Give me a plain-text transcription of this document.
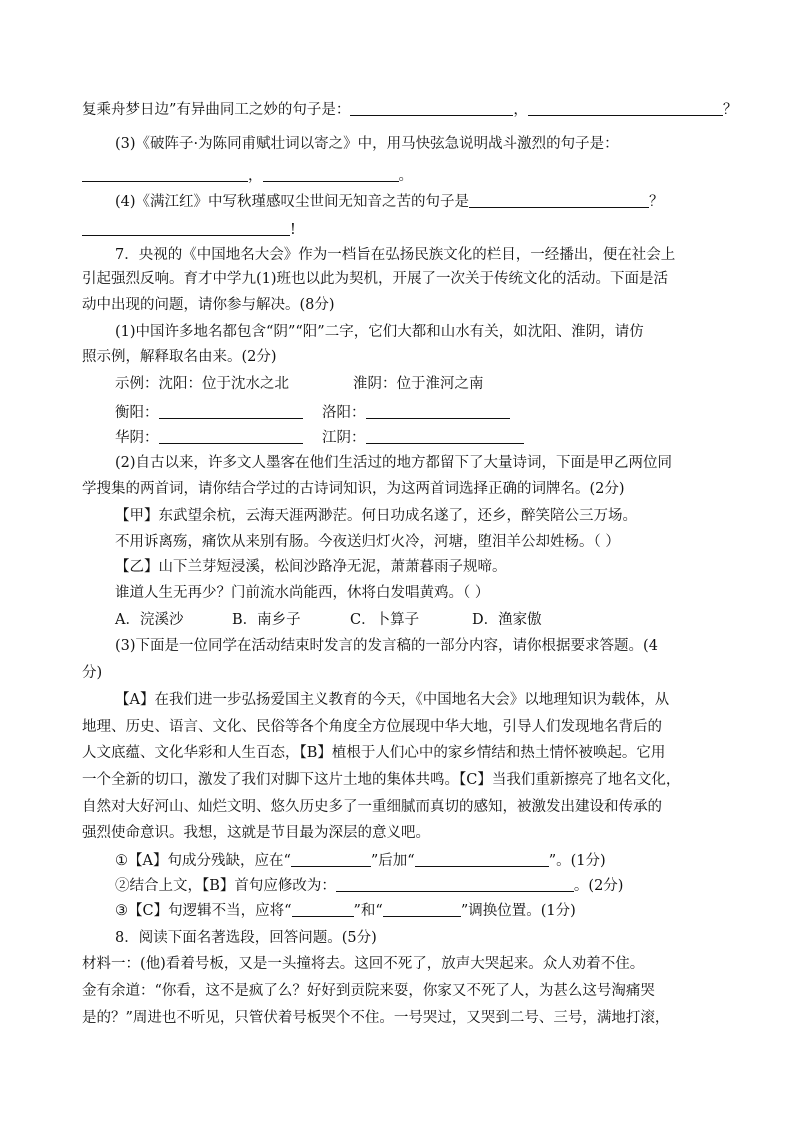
复乘舟梦日边”有异曲同工之妙的句子是：	，	？
(3)《破阵子·为陈同甫赋壮词以寄之》中，用马快弦急说明战斗激烈的句子是：
，	。
(4)《满江红》中写秋瑾感叹尘世间无知音之苦的句子是	？
!
7．央视的《中国地名大会》作为一档旨在弘扬民族文化的栏目，一经播出，便在社会上
引起强烈反响。育才中学九(1)班也以此为契机，开展了一次关于传统文化的活动。下面是活
动中出现的问题，请你参与解决。(8分)
(1)中国许多地名都包含“阴”“阳”二字，它们大都和山水有关，如沈阳、淮阴，请仿
照示例，解释取名由来。(2分)
示例：沈阳：位于沈水之北	淮阴：位于淮河之南
衡阳：	洛阳：
华阴：	江阴：
(2)自古以来，许多文人墨客在他们生活过的地方都留下了大量诗词，下面是甲乙两位同
学搜集的两首词，请你结合学过的古诗词知识，为这两首词选择正确的词牌名。(2分)
【甲】东武望余杭，云海天涯两渺茫。何日功成名遂了，还乡，醉笑陪公三万场。
不用诉离殇，痛饮从来别有肠。今夜送归灯火冷，河塘，堕泪羊公却姓杨。（ ）
【乙】山下兰芽短浸溪，松间沙路净无泥，萧萧暮雨子规啼。
谁道人生无再少？门前流水尚能西，休将白发唱黄鸡。（ ）
A．浣溪沙	B．南乡子	C．卜算子	D．渔家傲
(3)下面是一位同学在活动结束时发言的发言稿的一部分内容，请你根据要求答题。(4
分)
【A】在我们进一步弘扬爱国主义教育的今天，《中国地名大会》以地理知识为载体，从
地理、历史、语言、文化、民俗等各个角度全方位展现中华大地，引导人们发现地名背后的
人文底蕴、文化华彩和人生百态，【B】植根于人们心中的家乡情结和热土情怀被唤起。它用
一个全新的切口，激发了我们对脚下这片土地的集体共鸣。【C】当我们重新擦亮了地名文化，
自然对大好河山、灿烂文明、悠久历史多了一重细腻而真切的感知，被激发出建设和传承的
强烈使命意识。我想，这就是节目最为深层的意义吧。
①【A】句成分残缺，应在“	”后加“	”。(1分)
②结合上文，【B】首句应修改为：	。(2分)
③【C】句逻辑不当，应将“	”和“	”调换位置。(1分)
8．阅读下面名著选段，回答问题。(5分)
材料一：(他)看着号板，又是一头撞将去。这回不死了，放声大哭起来。众人劝着不住。
金有余道：“你看，这不是疯了么？好好到贡院来耍，你家又不死了人，为甚么这号淘痛哭
是的？”周进也不听见，只管伏着号板哭个不住。一号哭过，又哭到二号、三号，满地打滚，
